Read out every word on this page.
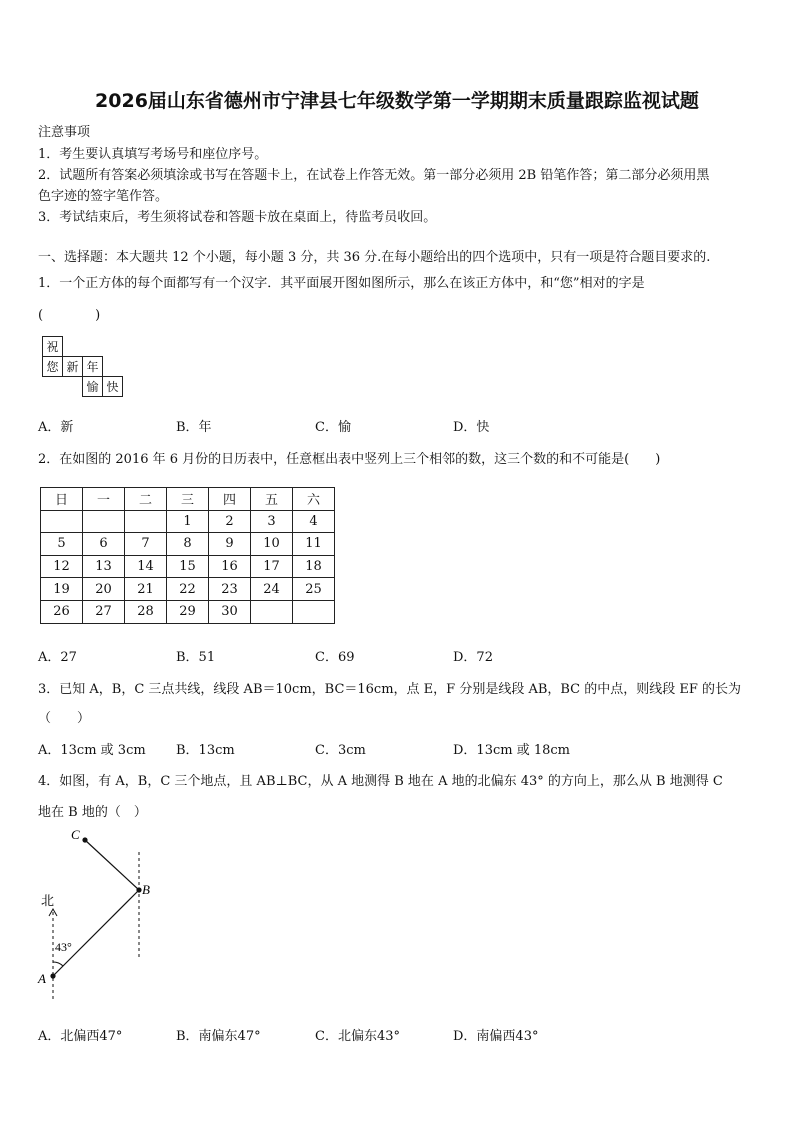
2026届山东省德州市宁津县七年级数学第一学期期末质量跟踪监视试题
注意事项
1．考生要认真填写考场号和座位序号。
2．试题所有答案必须填涂或书写在答题卡上，在试卷上作答无效。第一部分必须用 2B 铅笔作答；第二部分必须用黑
色字迹的签字笔作答。
3．考试结束后，考生须将试卷和答题卡放在桌面上，待监考员收回。
一、选择题：本大题共 12 个小题，每小题 3 分，共 36 分.在每小题给出的四个选项中，只有一项是符合题目要求的.
1．一个正方体的每个面都写有一个汉字．其平面展开图如图所示，那么在该正方体中，和“您”相对的字是
(　　　　)
祝			
您	新	年	
		愉	快
A．新	B．年	C．愉	D．快
2．在如图的 2016 年 6 月份的日历表中，任意框出表中竖列上三个相邻的数，这三个数的和不可能是(　　)
日	一	二	三	四	五	六
			1	2	3	4
5	6	7	8	9	10	11
12	13	14	15	16	17	18
19	20	21	22	23	24	25
26	27	28	29	30		
A．27	B．51	C．69	D．72
3．已知 A，B，C 三点共线，线段 AB＝10cm，BC＝16cm，点 E，F 分别是线段 AB，BC 的中点，则线段 EF 的长为
（　　）
A．13cm 或 3cm B．13cm	C．3cm	D．13cm 或 18cm
4．如图，有 A，B，C 三个地点，且 AB⊥BC，从 A 地测得 B 地在 A 地的北偏东 43° 的方向上，那么从 B 地测得 C
地在 B 地的（　）
C
B
A
北
43°
A．北偏西47°	B．南偏东47°	C．北偏东43°	D．南偏西43°
